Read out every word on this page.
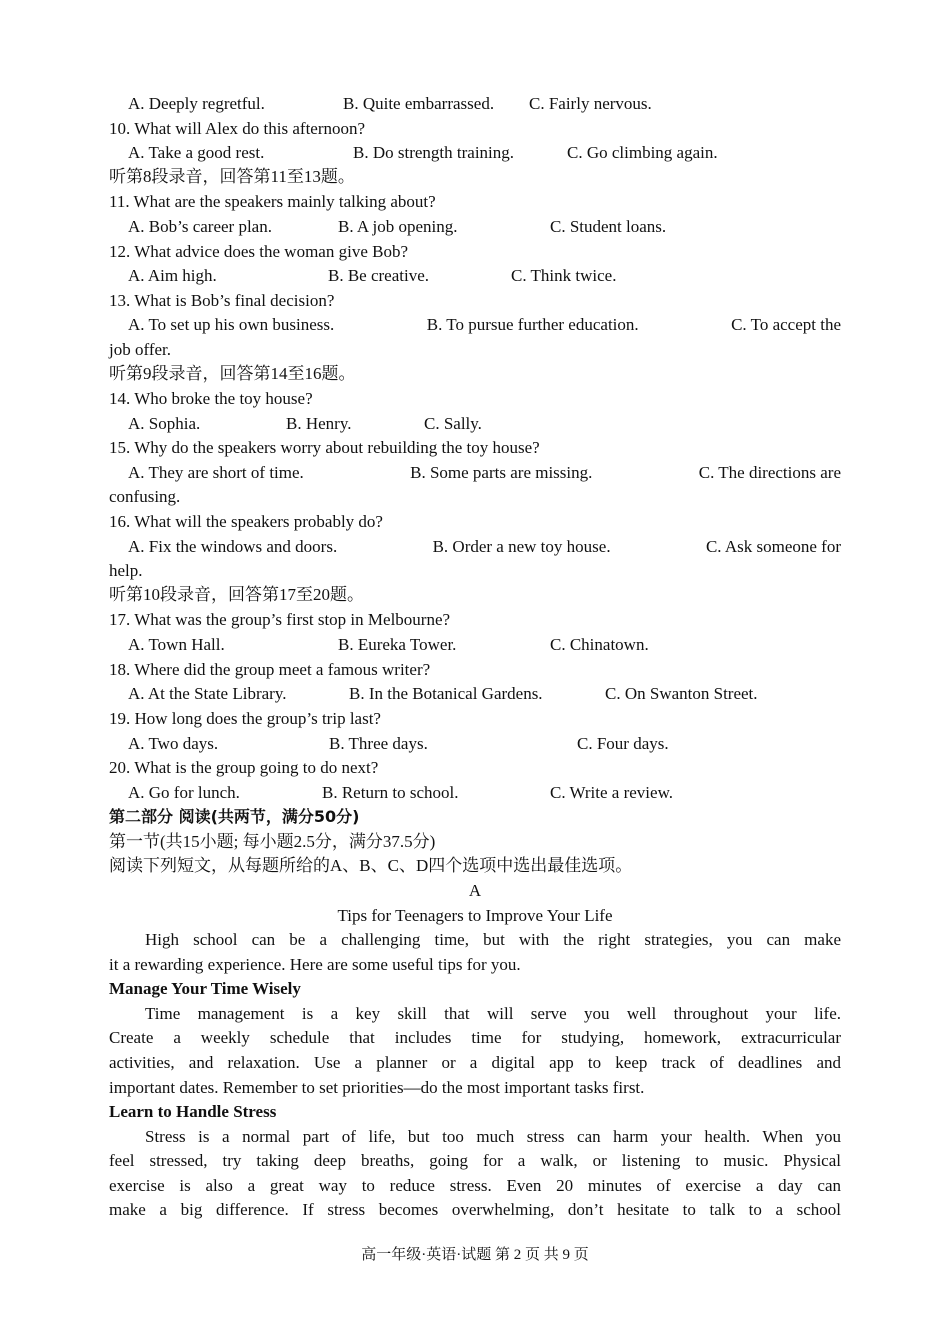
A. Deeply regretful.	B. Quite embarrassed.	C. Fairly nervous.
10. What will Alex do this afternoon?
A. Take a good rest.	B. Do strength training.	C. Go climbing again.
听第8段录音，回答第11至13题。
11. What are the speakers mainly talking about?
A. Bob’s career plan.	B. A job opening.	C. Student loans.
12. What advice does the woman give Bob?
A. Aim high.	B. Be creative.	C. Think twice.
13. What is Bob’s final decision?
A. To set up his own business.	B. To pursue further education.	C. To accept the
job offer.
听第9段录音，回答第14至16题。
14. Who broke the toy house?
A. Sophia.	B. Henry.	C. Sally.
15. Why do the speakers worry about rebuilding the toy house?
A. They are short of time.	B. Some parts are missing.	C. The directions are
confusing.
16. What will the speakers probably do?
A. Fix the windows and doors.	B. Order a new toy house.	C. Ask someone for
help.
听第10段录音，回答第17至20题。
17. What was the group’s first stop in Melbourne?
A. Town Hall.	B. Eureka Tower.	C. Chinatown.
18. Where did the group meet a famous writer?
A. At the State Library.	B. In the Botanical Gardens.	C. On Swanton Street.
19. How long does the group’s trip last?
A. Two days.	B. Three days.	C. Four days.
20. What is the group going to do next?
A. Go for lunch.	B. Return to school.	C. Write a review.
第二部分 阅读(共两节，满分50分)
第一节(共15小题; 每小题2.5分，满分37.5分)
阅读下列短文，从每题所给的A、B、C、D四个选项中选出最佳选项。
A
Tips for Teenagers to Improve Your Life
High school can be a challenging time, but with the right strategies, you can make
it a rewarding experience. Here are some useful tips for you.
Manage Your Time Wisely
Time management is a key skill that will serve you well throughout your life.
Create a weekly schedule that includes time for studying, homework, extracurricular
activities, and relaxation. Use a planner or a digital app to keep track of deadlines and
important dates. Remember to set priorities—do the most important tasks first.
Learn to Handle Stress
Stress is a normal part of life, but too much stress can harm your health. When you
feel stressed, try taking deep breaths, going for a walk, or listening to music. Physical
exercise is also a great way to reduce stress. Even 20 minutes of exercise a day can
make a big difference. If stress becomes overwhelming, don’t hesitate to talk to a school
高一年级·英语·试题 第 2 页 共 9 页
